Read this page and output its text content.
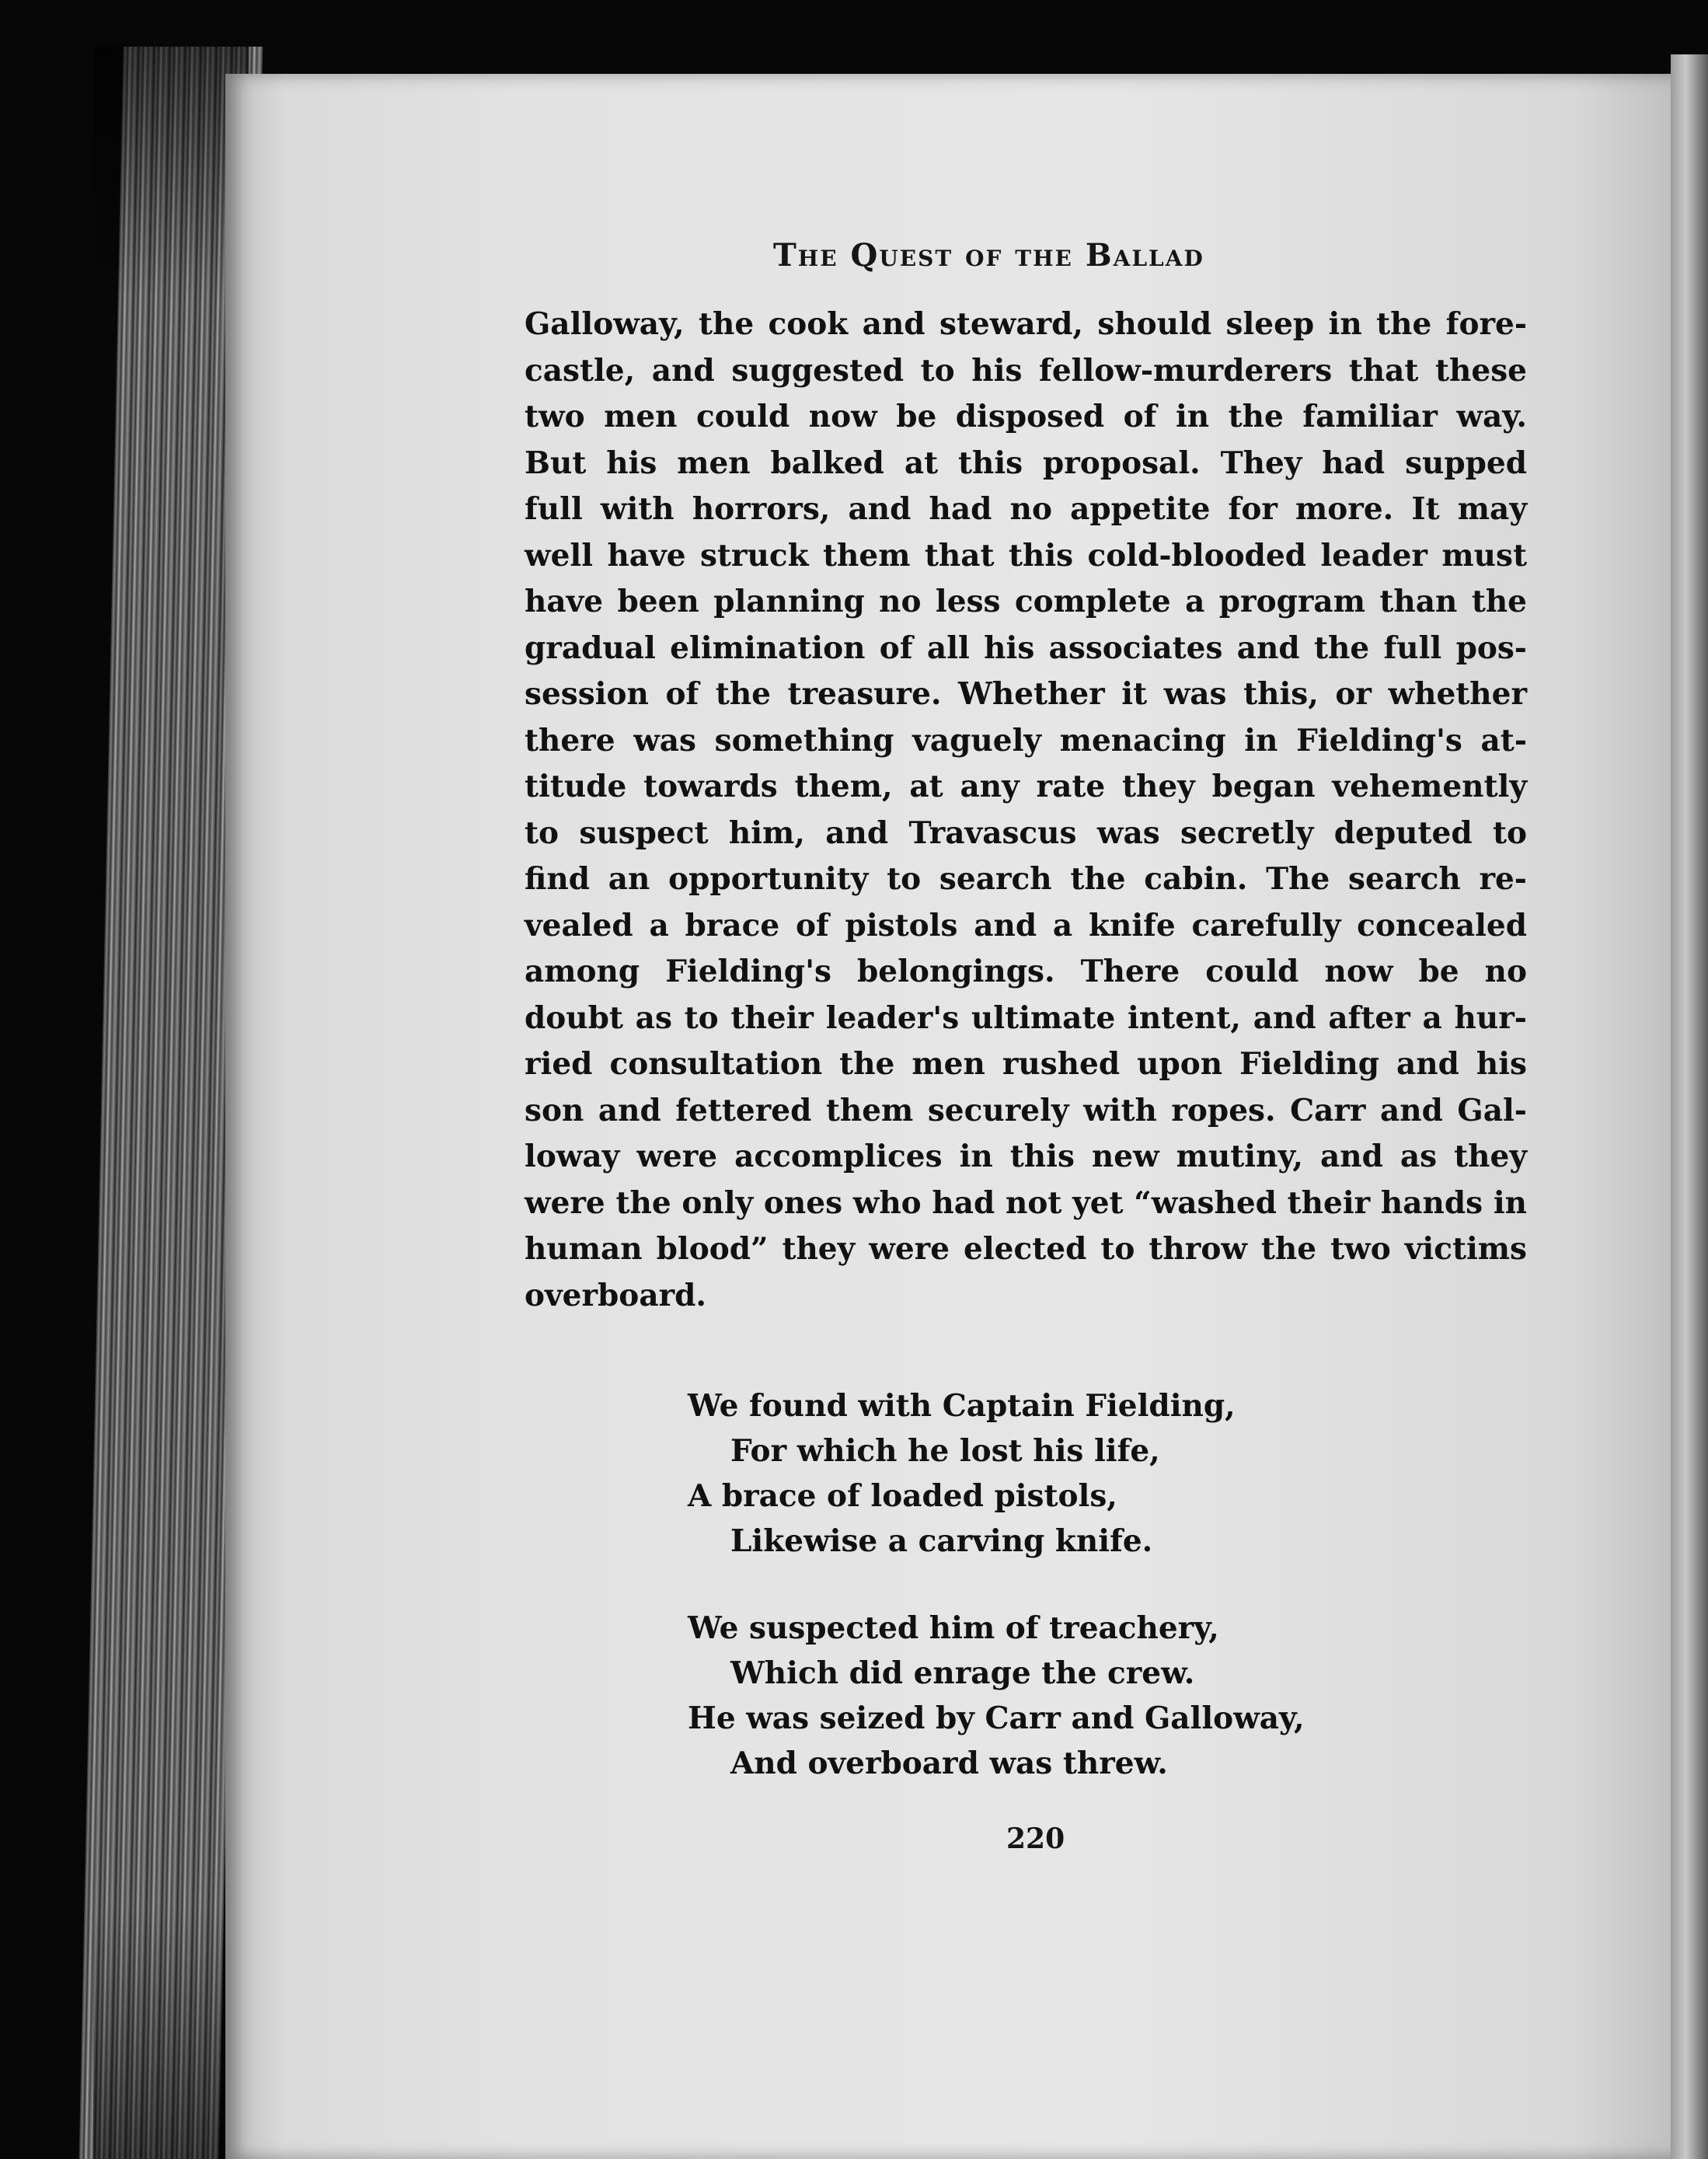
The Quest of the Ballad
Galloway, the cook and steward, should sleep in the fore-
castle, and suggested to his fellow-murderers that these
two men could now be disposed of in the familiar way.
But his men balked at this proposal. They had supped
full with horrors, and had no appetite for more. It may
well have struck them that this cold-blooded leader must
have been planning no less complete a program than the
gradual elimination of all his associates and the full pos-
session of the treasure. Whether it was this, or whether
there was something vaguely menacing in Fielding's at-
titude towards them, at any rate they began vehemently
to suspect him, and Travascus was secretly deputed to
find an opportunity to search the cabin. The search re-
vealed a brace of pistols and a knife carefully concealed
among Fielding's belongings. There could now be no
doubt as to their leader's ultimate intent, and after a hur-
ried consultation the men rushed upon Fielding and his
son and fettered them securely with ropes. Carr and Gal-
loway were accomplices in this new mutiny, and as they
were the only ones who had not yet “washed their hands in
human blood” they were elected to throw the two victims
overboard.
We found with Captain Fielding,
For which he lost his life,
A brace of loaded pistols,
Likewise a carving knife.
We suspected him of treachery,
Which did enrage the crew.
He was seized by Carr and Galloway,
And overboard was threw.

220
